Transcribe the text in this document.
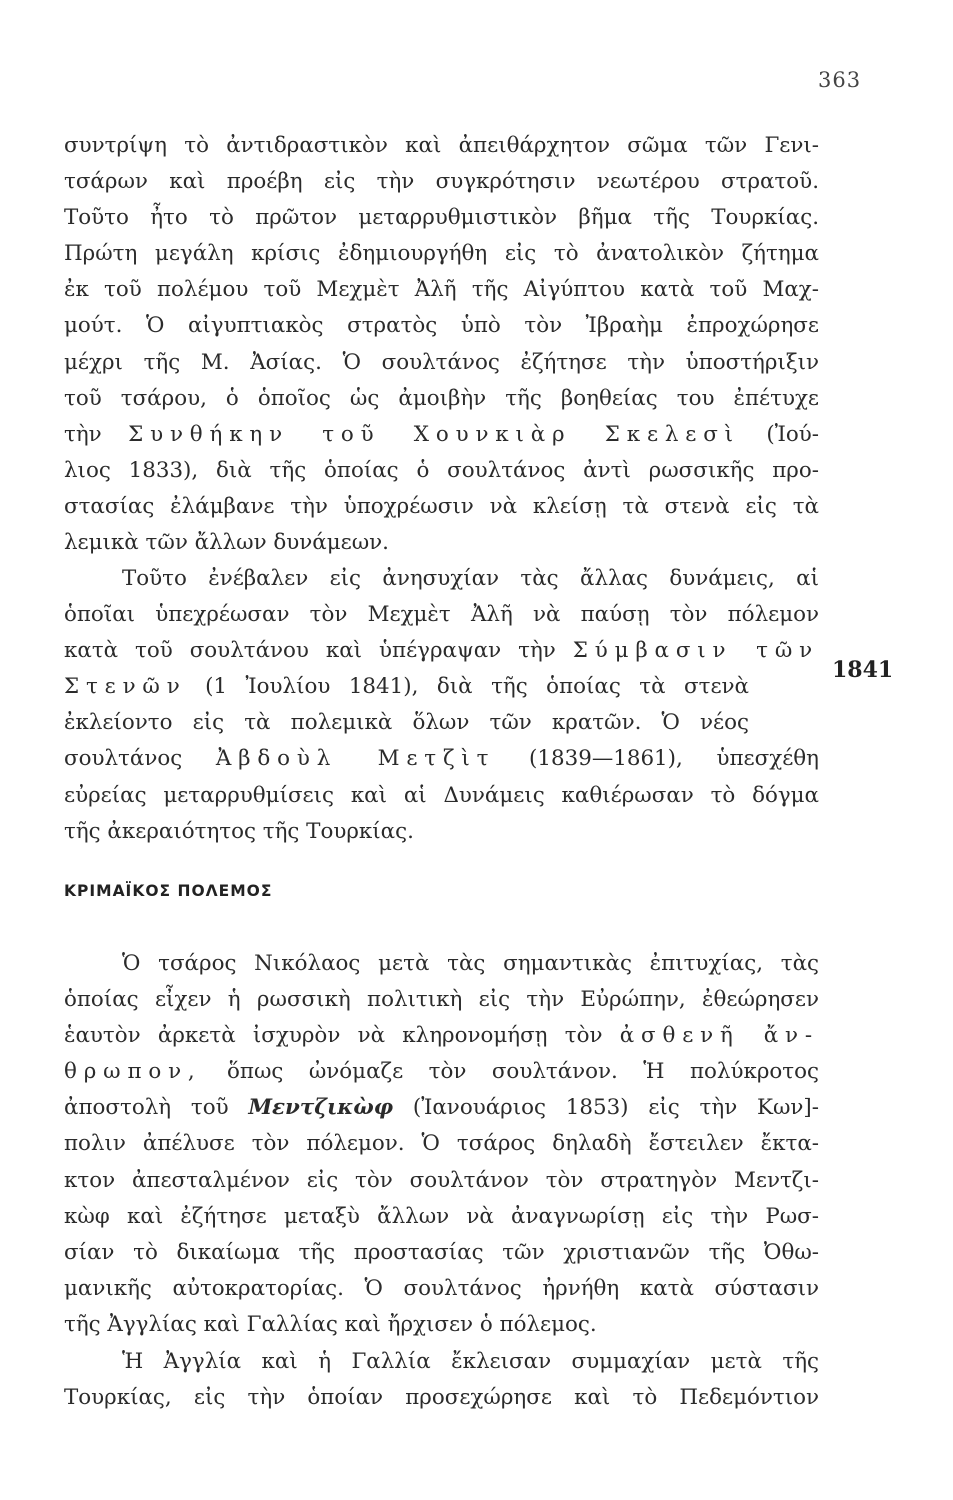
363
συντρίψη τὸ ἀντιδραστικὸν καὶ ἀπειθάρχητον σῶμα τῶν Γενι-
τσάρων καὶ προέβη εἰς τὴν συγκρότησιν νεωτέρου στρατοῦ.
Τοῦτο ἦτο τὸ πρῶτον μεταρρυθμιστικὸν βῆμα τῆς Τουρκίας.
Πρώτη μεγάλη κρίσις ἐδημιουργήθη εἰς τὸ ἀνατολικὸν ζήτημα
ἐκ τοῦ πολέμου τοῦ Μεχμὲτ Ἀλῆ τῆς Αἰγύπτου κατὰ τοῦ Μαχ-
μούτ. Ὁ αἰγυπτιακὸς στρατὸς ὑπὸ τὸν Ἰβραὴμ ἐπροχώρησε
μέχρι τῆς Μ. Ἀσίας. Ὁ σουλτάνος ἐζήτησε τὴν ὑποστήριξιν
τοῦ τσάρου, ὁ ὁποῖος ὡς ἀμοιβὴν τῆς βοηθείας του ἐπέτυχε
τὴν Συνθήκην τοῦ Χουνκιὰρ Σκελεσὶ (Ἰού-
λιος 1833), διὰ τῆς ὁποίας ὁ σουλτάνος ἀντὶ ρωσσικῆς προ-
στασίας ἐλάμβανε τὴν ὑποχρέωσιν νὰ κλείσῃ τὰ στενὰ εἰς τὰ
λεμικὰ τῶν ἄλλων δυνάμεων.
Τοῦτο ἐνέβαλεν εἰς ἀνησυχίαν τὰς ἄλλας δυνάμεις, αἱ
ὁποῖαι ὑπεχρέωσαν τὸν Μεχμὲτ Ἀλῆ νὰ παύσῃ τὸν πόλεμον
κατὰ τοῦ σουλτάνου καὶ ὑπέγραψαν τὴν Σύμβασιν τῶν
Στενῶν (1 Ἰουλίου 1841), διὰ τῆς ὁποίας τὰ στενὰ
ἐκλείοντο εἰς τὰ πολεμικὰ ὅλων τῶν κρατῶν. Ὁ νέος
σουλτάνος Ἀβδοὺλ Μετζὶτ (1839—1861), ὑπεσχέθη
εὐρείας μεταρρυθμίσεις καὶ αἱ Δυνάμεις καθιέρωσαν τὸ δόγμα
τῆς ἀκεραιότητος τῆς Τουρκίας.
1841
ΚΡΙΜΑΪΚΟΣ ΠΟΛΕΜΟΣ
Ὁ τσάρος Νικόλαος μετὰ τὰς σημαντικὰς ἐπιτυχίας, τὰς
ὁποίας εἶχεν ἡ ρωσσικὴ πολιτικὴ εἰς τὴν Εὐρώπην, ἐθεώρησεν
ἑαυτὸν ἀρκετὰ ἰσχυρὸν νὰ κληρονομήσῃ τὸν ἀσθενῆ ἄν-
θρωπον, ὅπως ὠνόμαζε τὸν σουλτάνον. Ἡ πολύκροτος
ἀποστολὴ τοῦ Μεντζικὼφ (Ἰανουάριος 1853) εἰς τὴν Κων]-
πολιν ἀπέλυσε τὸν πόλεμον. Ὁ τσάρος δηλαδὴ ἔστειλεν ἔκτα-
κτον ἀπεσταλμένον εἰς τὸν σουλτάνον τὸν στρατηγὸν Μεντζι-
κὼφ καὶ ἐζήτησε μεταξὺ ἄλλων νὰ ἀναγνωρίσῃ εἰς τὴν Ρωσ-
σίαν τὸ δικαίωμα τῆς προστασίας τῶν χριστιανῶν τῆς Ὀθω-
μανικῆς αὐτοκρατορίας. Ὁ σουλτάνος ἠρνήθη κατὰ σύστασιν
τῆς Ἀγγλίας καὶ Γαλλίας καὶ ἤρχισεν ὁ πόλεμος.
Ἡ Ἀγγλία καὶ ἡ Γαλλία ἔκλεισαν συμμαχίαν μετὰ τῆς
Τουρκίας, εἰς τὴν ὁποίαν προσεχώρησε καὶ τὸ Πεδεμόντιον
